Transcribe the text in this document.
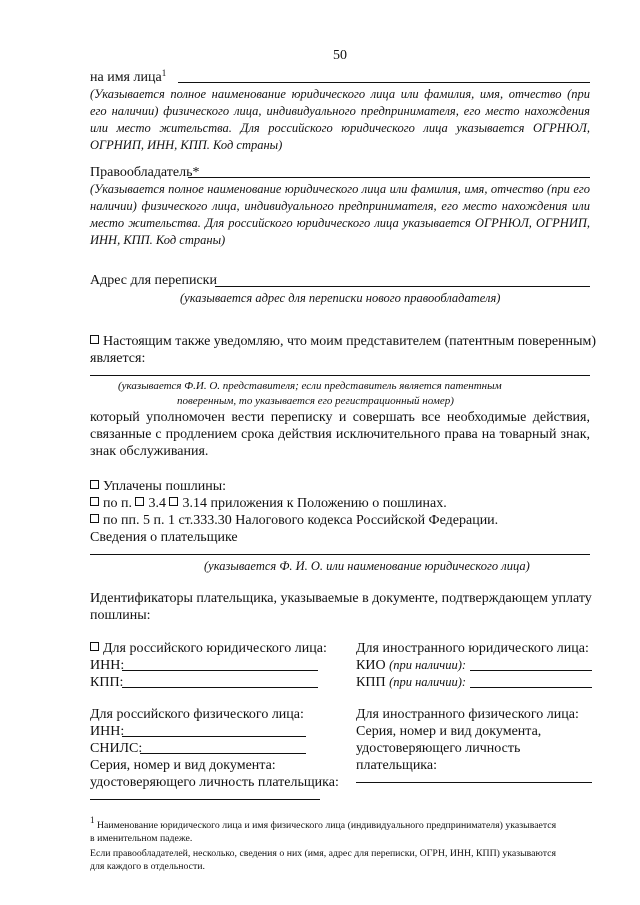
50
на имя лица$^1$
(Указывается полное наименование юридического лица или фамилия, имя, отчество (при
его наличии) физического лица, индивидуального предпринимателя, его место нахождения
или место жительства. Для российского юридического лица указывается ОГРНЮЛ,
ОГРНИП, ИНН, КПП. Код страны)
Правообладатель*
(Указывается полное наименование юридического лица или фамилия, имя, отчество (при его
наличии) физического лица, индивидуального предпринимателя, его место нахождения или
место жительства. Для российского юридического лица указывается ОГРНЮЛ, ОГРНИП,
ИНН, КПП. Код страны)
Адрес для переписки
(указывается адрес для переписки нового правообладателя)
Настоящим также уведомляю, что моим представителем (патентным поверенным)
является:
(указывается Ф.И. О. представителя; если представитель является патентным
поверенным, то указывается его регистрационный номер)
который уполномочен вести переписку и совершать все необходимые действия,
связанные с продлением срока действия исключительного права на товарный знак,
знак обслуживания.
Уплачены пошлины:
по п. 3.4 3.14 приложения к Положению о пошлинах.
по пп. 5 п. 1 ст.333.30 Налогового кодекса Российской Федерации.
Сведения о плательщике
(указывается Ф. И. О. или наименование юридического лица)
Идентификаторы плательщика, указываемые в документе, подтверждающем уплату
пошлины:
Для российского юридического лица:
ИНН:
КПП:
Для иностранного юридического лица:
КИО (при наличии):
КПП (при наличии):
Для российского физического лица:
ИНН:
СНИЛС:
Серия, номер и вид документа:
удостоверяющего личность плательщика:
Для иностранного физического лица:
Серия, номер и вид документа,
удостоверяющего личность
плательщика:
$^1$ Наименование юридического лица и имя физического лица (индивидуального предпринимателя) указывается
в именительном падеже.
Если правообладателей, несколько, сведения о них (имя, адрес для переписки, ОГРН, ИНН, КПП) указываются
для каждого в отдельности.
